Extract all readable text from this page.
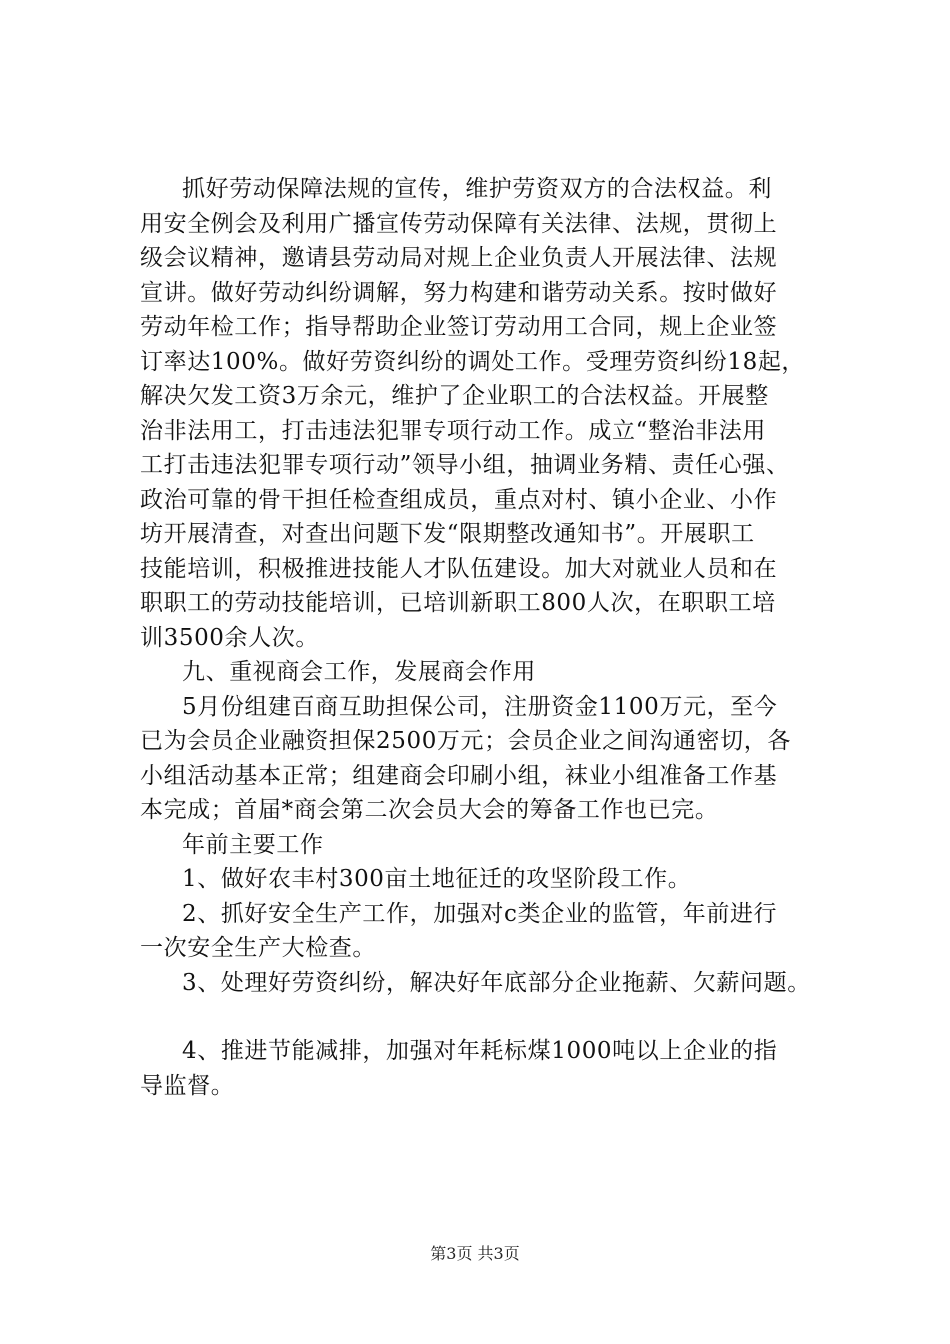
抓好劳动保障法规的宣传，维护劳资双方的合法权益。利
用安全例会及利用广播宣传劳动保障有关法律、法规，贯彻上
级会议精神，邀请县劳动局对规上企业负责人开展法律、法规
宣讲。做好劳动纠纷调解，努力构建和谐劳动关系。按时做好
劳动年检工作；指导帮助企业签订劳动用工合同，规上企业签
订率达100%。做好劳资纠纷的调处工作。受理劳资纠纷18起，
解决欠发工资3万余元，维护了企业职工的合法权益。开展整
治非法用工，打击违法犯罪专项行动工作。成立“整治非法用
工打击违法犯罪专项行动”领导小组，抽调业务精、责任心强、
政治可靠的骨干担任检查组成员，重点对村、镇小企业、小作
坊开展清查，对查出问题下发“限期整改通知书”。开展职工
技能培训，积极推进技能人才队伍建设。加大对就业人员和在
职职工的劳动技能培训，已培训新职工800人次，在职职工培
训3500余人次。
九、重视商会工作，发展商会作用
5月份组建百商互助担保公司，注册资金1100万元，至今
已为会员企业融资担保2500万元；会员企业之间沟通密切，各
小组活动基本正常；组建商会印刷小组，袜业小组准备工作基
本完成；首届*商会第二次会员大会的筹备工作也已完。
年前主要工作
1、做好农丰村300亩土地征迁的攻坚阶段工作。
2、抓好安全生产工作，加强对c类企业的监管，年前进行
一次安全生产大检查。
3、处理好劳资纠纷，解决好年底部分企业拖薪、欠薪问题。
4、推进节能减排，加强对年耗标煤1000吨以上企业的指
导监督。
第3页 共3页
